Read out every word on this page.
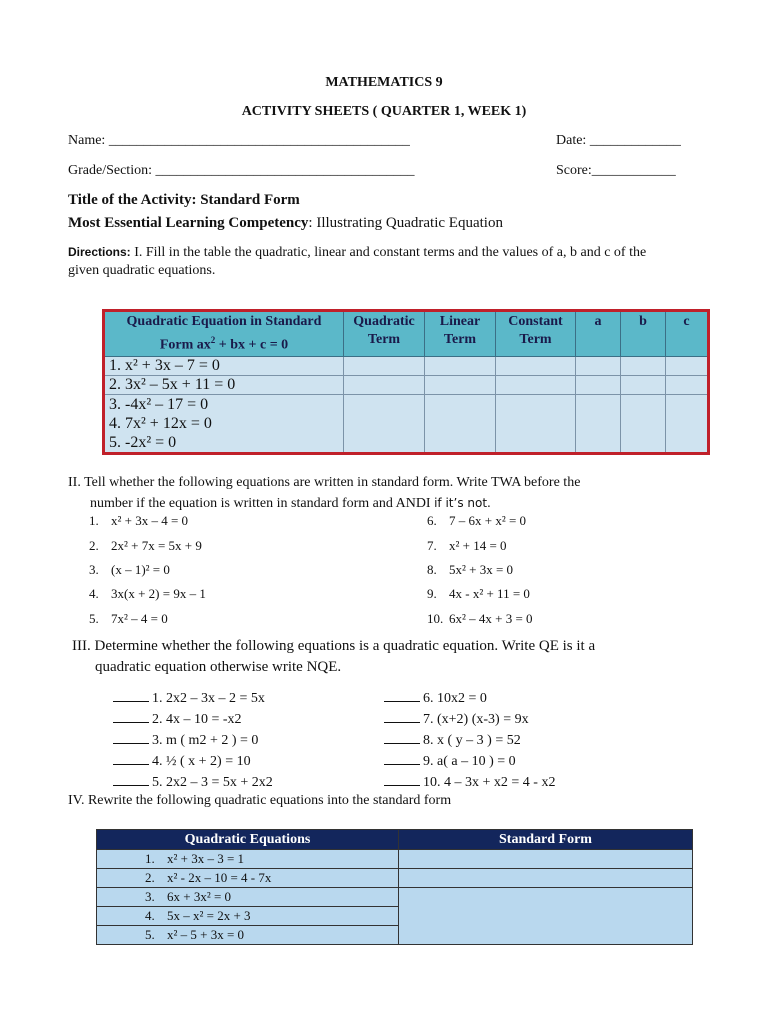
MATHEMATICS 9
ACTIVITY SHEETS ( QUARTER 1, WEEK 1)
Name: ___________________________________________	Date: _____________
Grade/Section: _____________________________________	Score:____________
Title of the Activity: Standard Form
Most Essential Learning Competency: Illustrating Quadratic Equation
Directions: I. Fill in the table the quadratic, linear and constant terms and the values of a, b and c of the
given quadratic equations.
Quadratic Equation in Standard
Form $ax^2$ + bx + c = 0	Quadratic Term	Linear Term	Constant Term	a	b	c
1. x² + 3x – 7 = 0						
2. 3x² – 5x + 11 = 0						

3. -4x² – 17 = 0
4. 7x² + 12x = 0
5. -2x² = 0						

II. Tell whether the following equations are written in standard form. Write TWA before the
number if the equation is written in standard form and ANDI if it’s not.
1. x² + 3x – 4 = 0
2. 2x² + 7x = 5x + 9
3. (x – 1)² = 0
4. 3x(x + 2) = 9x – 1
5. 7x² – 4 = 0
6. 7 – 6x + x² = 0
7. x² + 14 = 0
8. 5x² + 3x = 0
9. 4x - x² + 11 = 0
10. 6x² – 4x + 3 = 0
III. Determine whether the following equations is a quadratic equation. Write QE is it a
quadratic equation otherwise write NQE.
1. 2x2 – 3x – 2 = 5x
2. 4x – 10 = -x2
3. m ( m2 + 2 ) = 0
4. ½ ( x + 2) = 10
5. 2x2 – 3 = 5x + 2x2
6. 10x2 = 0
7. (x+2) (x-3) = 9x
8. x ( y – 3 ) = 52
9. a( a – 10 ) = 0
10. 4 – 3x + x2 = 4 - x2
IV. Rewrite the following quadratic equations into the standard form
Quadratic Equations	Standard Form

1. x² + 3x – 3 = 1
2. x² - 2x – 10 = 4 - 7x
3. 6x + 3x² = 0
4. 5x – x² = 2x + 3
5. x² – 5 + 3x = 0	
